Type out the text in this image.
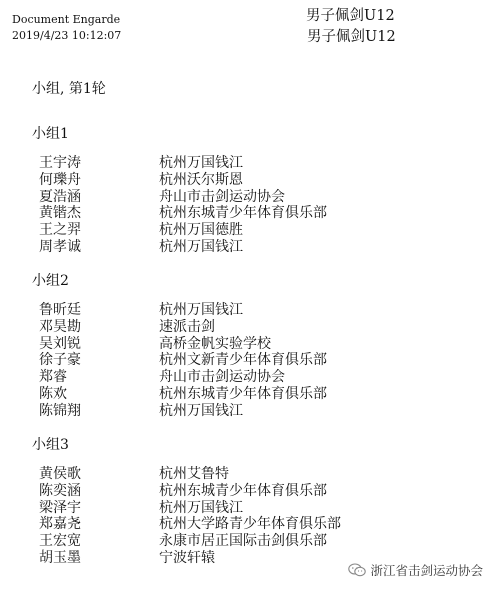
Document Engarde
2019/4/23 10:12:07
男子佩剑U12
男子佩剑U12
小组, 第1轮
小组1
王宇涛	杭州万国钱江
何瓅舟	杭州沃尔斯恩
夏浩涵	舟山市击剑运动协会
黄锴杰	杭州东城青少年体育俱乐部
王之羿	杭州万国德胜
周孝诚	杭州万国钱江
小组2
鲁昕廷	杭州万国钱江
邓昊勘	速派击剑
吴刘锐	高桥金帆实验学校
徐子豪	杭州文新青少年体育俱乐部
郑睿	舟山市击剑运动协会
陈欢	杭州东城青少年体育俱乐部
陈锦翔	杭州万国钱江
小组3
黄侯歌	杭州艾鲁特
陈奕涵	杭州东城青少年体育俱乐部
梁泽宇	杭州万国钱江
郑嘉尧	杭州大学路青少年体育俱乐部
王宏宽	永康市居正国际击剑俱乐部
胡玉墨	宁波轩辕
浙江省击剑运动协会
